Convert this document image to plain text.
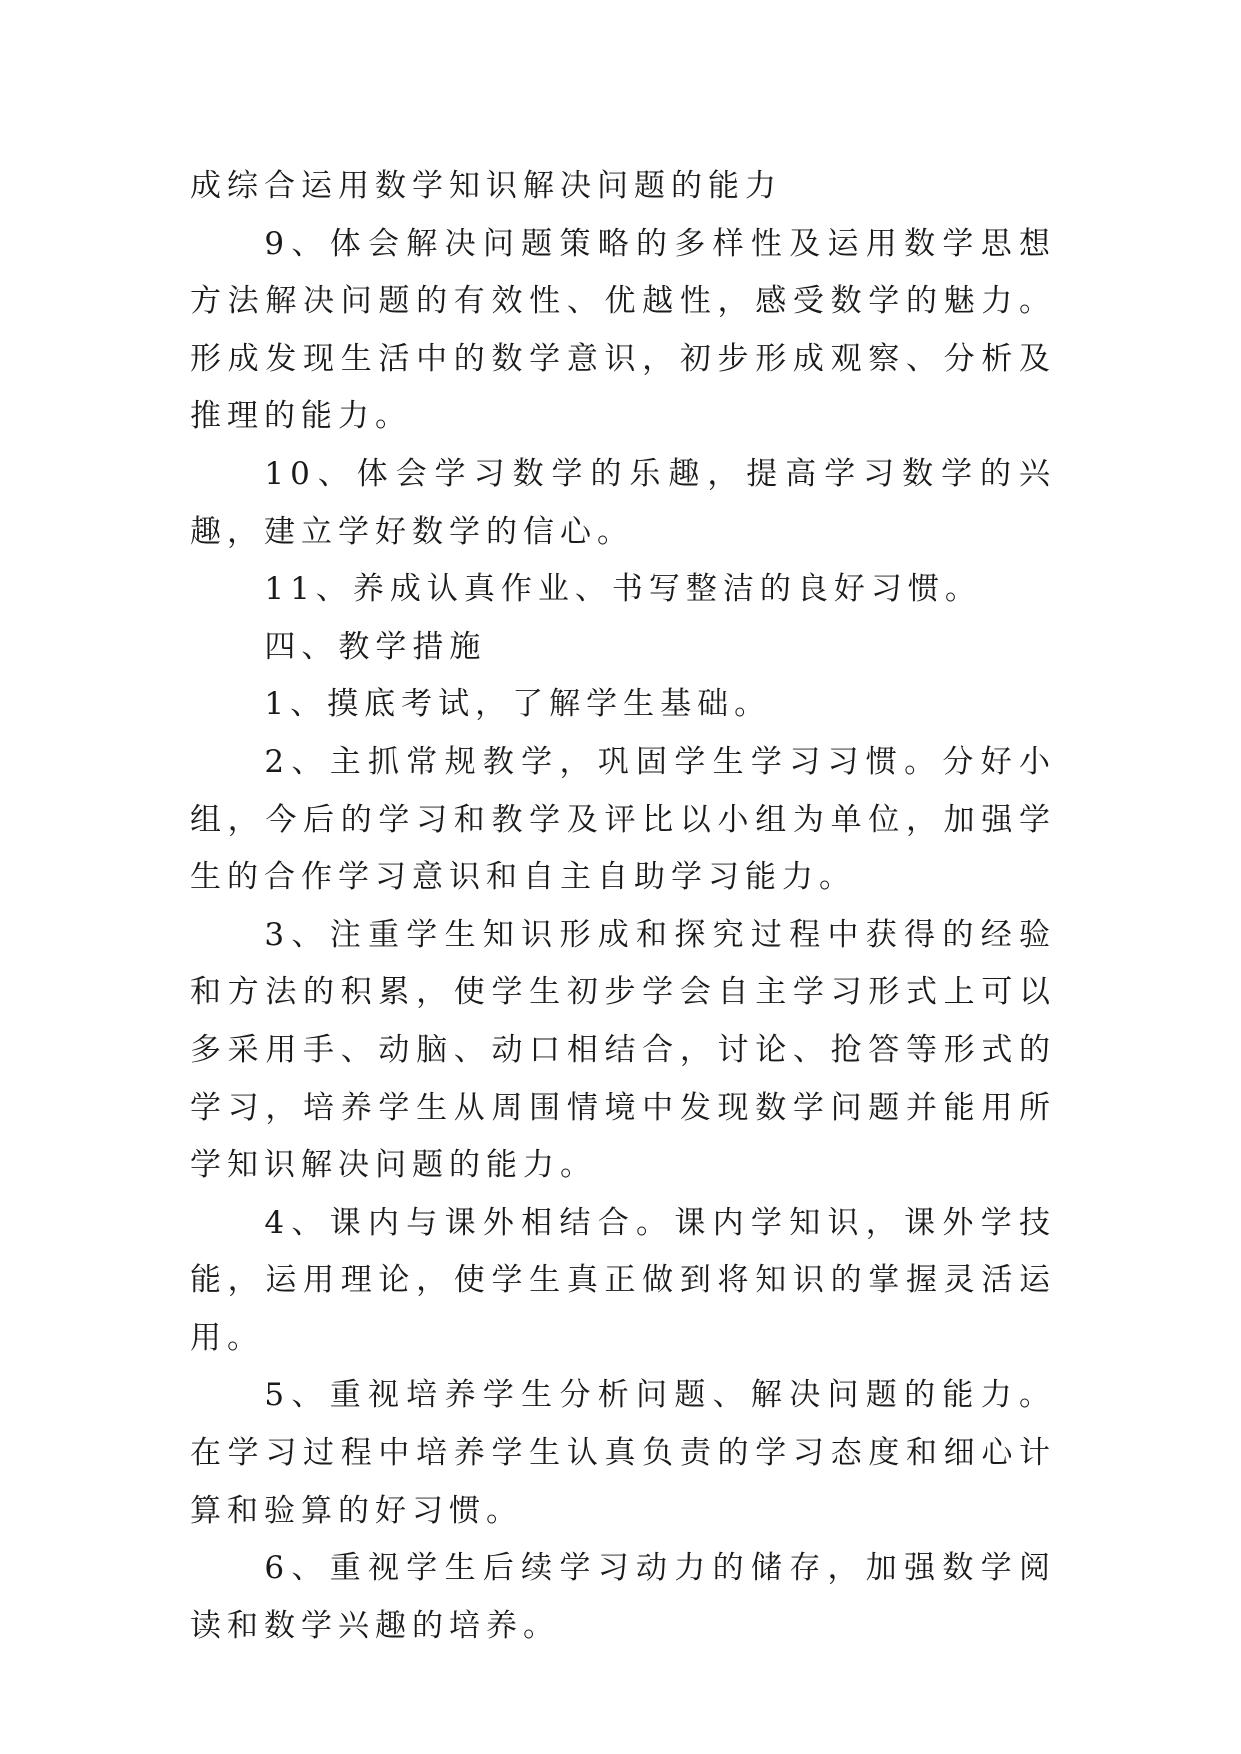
成综合运用数学知识解决问题的能力

9、体会解决问题策略的多样性及运用数学思想方法解决问题的有效性、优越性，感受数学的魅力。形成发现生活中的数学意识，初步形成观察、分析及推理的能力。

10、体会学习数学的乐趣，提高学习数学的兴趣，建立学好数学的信心。

11、养成认真作业、书写整洁的良好习惯。

四、教学措施

1、摸底考试，了解学生基础。

2、主抓常规教学，巩固学生学习习惯。分好小组，今后的学习和教学及评比以小组为单位，加强学生的合作学习意识和自主自助学习能力。

3、注重学生知识形成和探究过程中获得的经验和方法的积累，使学生初步学会自主学习形式上可以多采用手、动脑、动口相结合，讨论、抢答等形式的学习，培养学生从周围情境中发现数学问题并能用所学知识解决问题的能力。

4、课内与课外相结合。课内学知识，课外学技能，运用理论，使学生真正做到将知识的掌握灵活运用。

5、重视培养学生分析问题、解决问题的能力。在学习过程中培养学生认真负责的学习态度和细心计算和验算的好习惯。

6、重视学生后续学习动力的储存，加强数学阅读和数学兴趣的培养。
